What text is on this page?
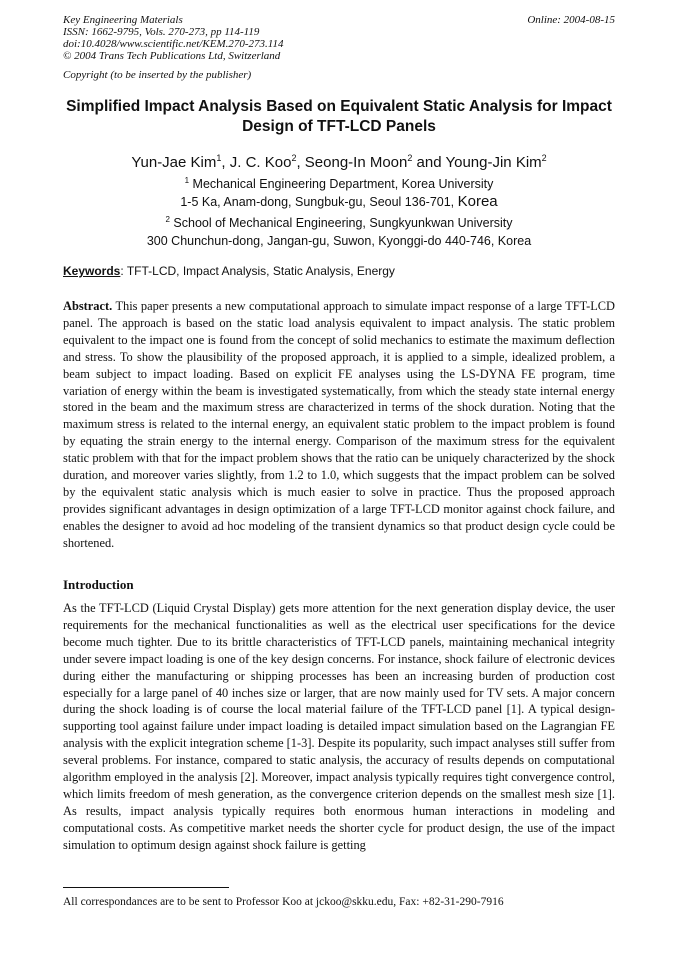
Online: 2004-08-15
Key Engineering Materials
ISSN: 1662-9795, Vols. 270-273, pp 114-119
doi:10.4028/www.scientific.net/KEM.270-273.114
© 2004 Trans Tech Publications Ltd, Switzerland
Copyright (to be inserted by the publisher)
Simplified Impact Analysis Based on Equivalent Static Analysis for Impact Design of TFT-LCD Panels
Yun-Jae Kim$^1$, J. C. Koo$^2$, Seong-In Moon$^2$ and Young-Jin Kim$^2$
$^1$ Mechanical Engineering Department, Korea University
1-5 Ka, Anam-dong, Sungbuk-gu, Seoul 136-701, Korea
$^2$ School of Mechanical Engineering, Sungkyunkwan University
300 Chunchun-dong, Jangan-gu, Suwon, Kyonggi-do 440-746, Korea
Keywords: TFT-LCD, Impact Analysis, Static Analysis, Energy
Abstract. This paper presents a new computational approach to simulate impact response of a large TFT-LCD panel. The approach is based on the static load analysis equivalent to impact analysis. The static problem equivalent to the impact one is found from the concept of solid mechanics to estimate the maximum deflection and stress. To show the plausibility of the proposed approach, it is applied to a simple, idealized problem, a beam subject to impact loading. Based on explicit FE analyses using the LS-DYNA FE program, time variation of energy within the beam is investigated systematically, from which the steady state internal energy stored in the beam and the maximum stress are characterized in terms of the shock duration. Noting that the maximum stress is related to the internal energy, an equivalent static problem to the impact problem is found by equating the strain energy to the internal energy. Comparison of the maximum stress for the equivalent static problem with that for the impact problem shows that the ratio can be uniquely characterized by the shock duration, and moreover varies slightly, from 1.2 to 1.0, which suggests that the impact problem can be solved by the equivalent static analysis which is much easier to solve in practice. Thus the proposed approach provides significant advantages in design optimization of a large TFT-LCD monitor against chock failure, and enables the designer to avoid ad hoc modeling of the transient dynamics so that product design cycle could be shortened.
Introduction
As the TFT-LCD (Liquid Crystal Display) gets more attention for the next generation display device, the user requirements for the mechanical functionalities as well as the electrical user specifications for the device become much tighter. Due to its brittle characteristics of TFT-LCD panels, maintaining mechanical integrity under severe impact loading is one of the key design concerns. For instance, shock failure of electronic devices during either the manufacturing or shipping processes has been an increasing burden of production cost especially for a large panel of 40 inches size or larger, that are now mainly used for TV sets. A major concern during the shock loading is of course the local material failure of the TFT-LCD panel [1]. A typical design-supporting tool against failure under impact loading is detailed impact simulation based on the Lagrangian FE analysis with the explicit integration scheme [1-3]. Despite its popularity, such impact analyses still suffer from several problems. For instance, compared to static analysis, the accuracy of results depends on computational algorithm employed in the analysis [2]. Moreover, impact analysis typically requires tight convergence control, which limits freedom of mesh generation, as the convergence criterion depends on the smallest mesh size [1]. As results, impact analysis typically requires both enormous human interactions in modeling and computational costs. As competitive market needs the shorter cycle for product design, the use of the impact simulation to optimum design against shock failure is getting
All correspondances are to be sent to Professor Koo at jckoo@skku.edu, Fax: +82-31-290-7916
